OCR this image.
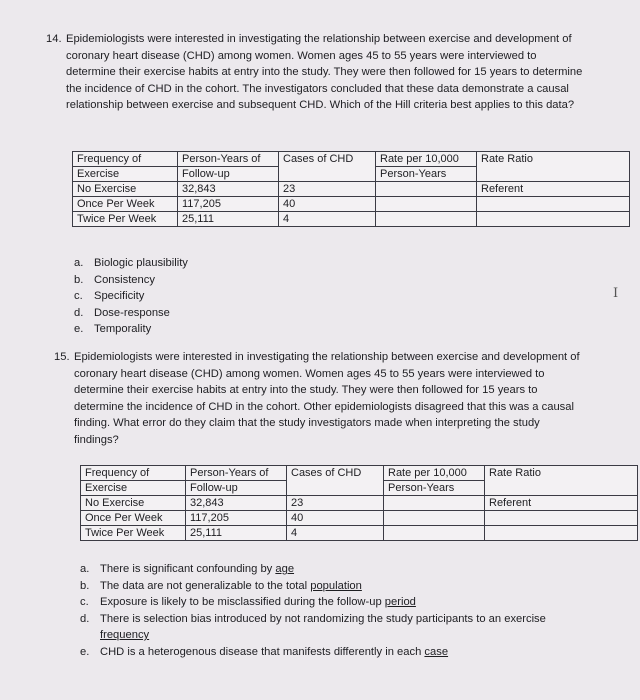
14. Epidemiologists were interested in investigating the relationship between exercise and development of coronary heart disease (CHD) among women. Women ages 45 to 55 years were interviewed to determine their exercise habits at entry into the study. They were then followed for 15 years to determine the incidence of CHD in the cohort. The investigators concluded that these data demonstrate a causal relationship between exercise and subsequent CHD. Which of the Hill criteria best applies to this data?
Frequency of	Person-Years of	Cases of CHD	Rate per 10,000	Rate Ratio
Exercise	Follow-up		Person-Years	
No Exercise	32,843	23		Referent
Once Per Week	117,205	40		
Twice Per Week	25,111	4		
a. Biologic plausibility
b. Consistency
c. Specificity
d. Dose-response
e. Temporality
I
15. Epidemiologists were interested in investigating the relationship between exercise and development of coronary heart disease (CHD) among women. Women ages 45 to 55 years were interviewed to determine their exercise habits at entry into the study. They were then followed for 15 years to determine the incidence of CHD in the cohort. Other epidemiologists disagreed that this was a causal finding. What error do they claim that the study investigators made when interpreting the study findings?
Frequency of	Person-Years of	Cases of CHD	Rate per 10,000	Rate Ratio
Exercise	Follow-up		Person-Years	
No Exercise	32,843	23		Referent
Once Per Week	117,205	40		
Twice Per Week	25,111	4		
a. There is significant confounding by age
b. The data are not generalizable to the total population
c. Exposure is likely to be misclassified during the follow-up period
d. There is selection bias introduced by not randomizing the study participants to an exercise frequency
e. CHD is a heterogenous disease that manifests differently in each case
